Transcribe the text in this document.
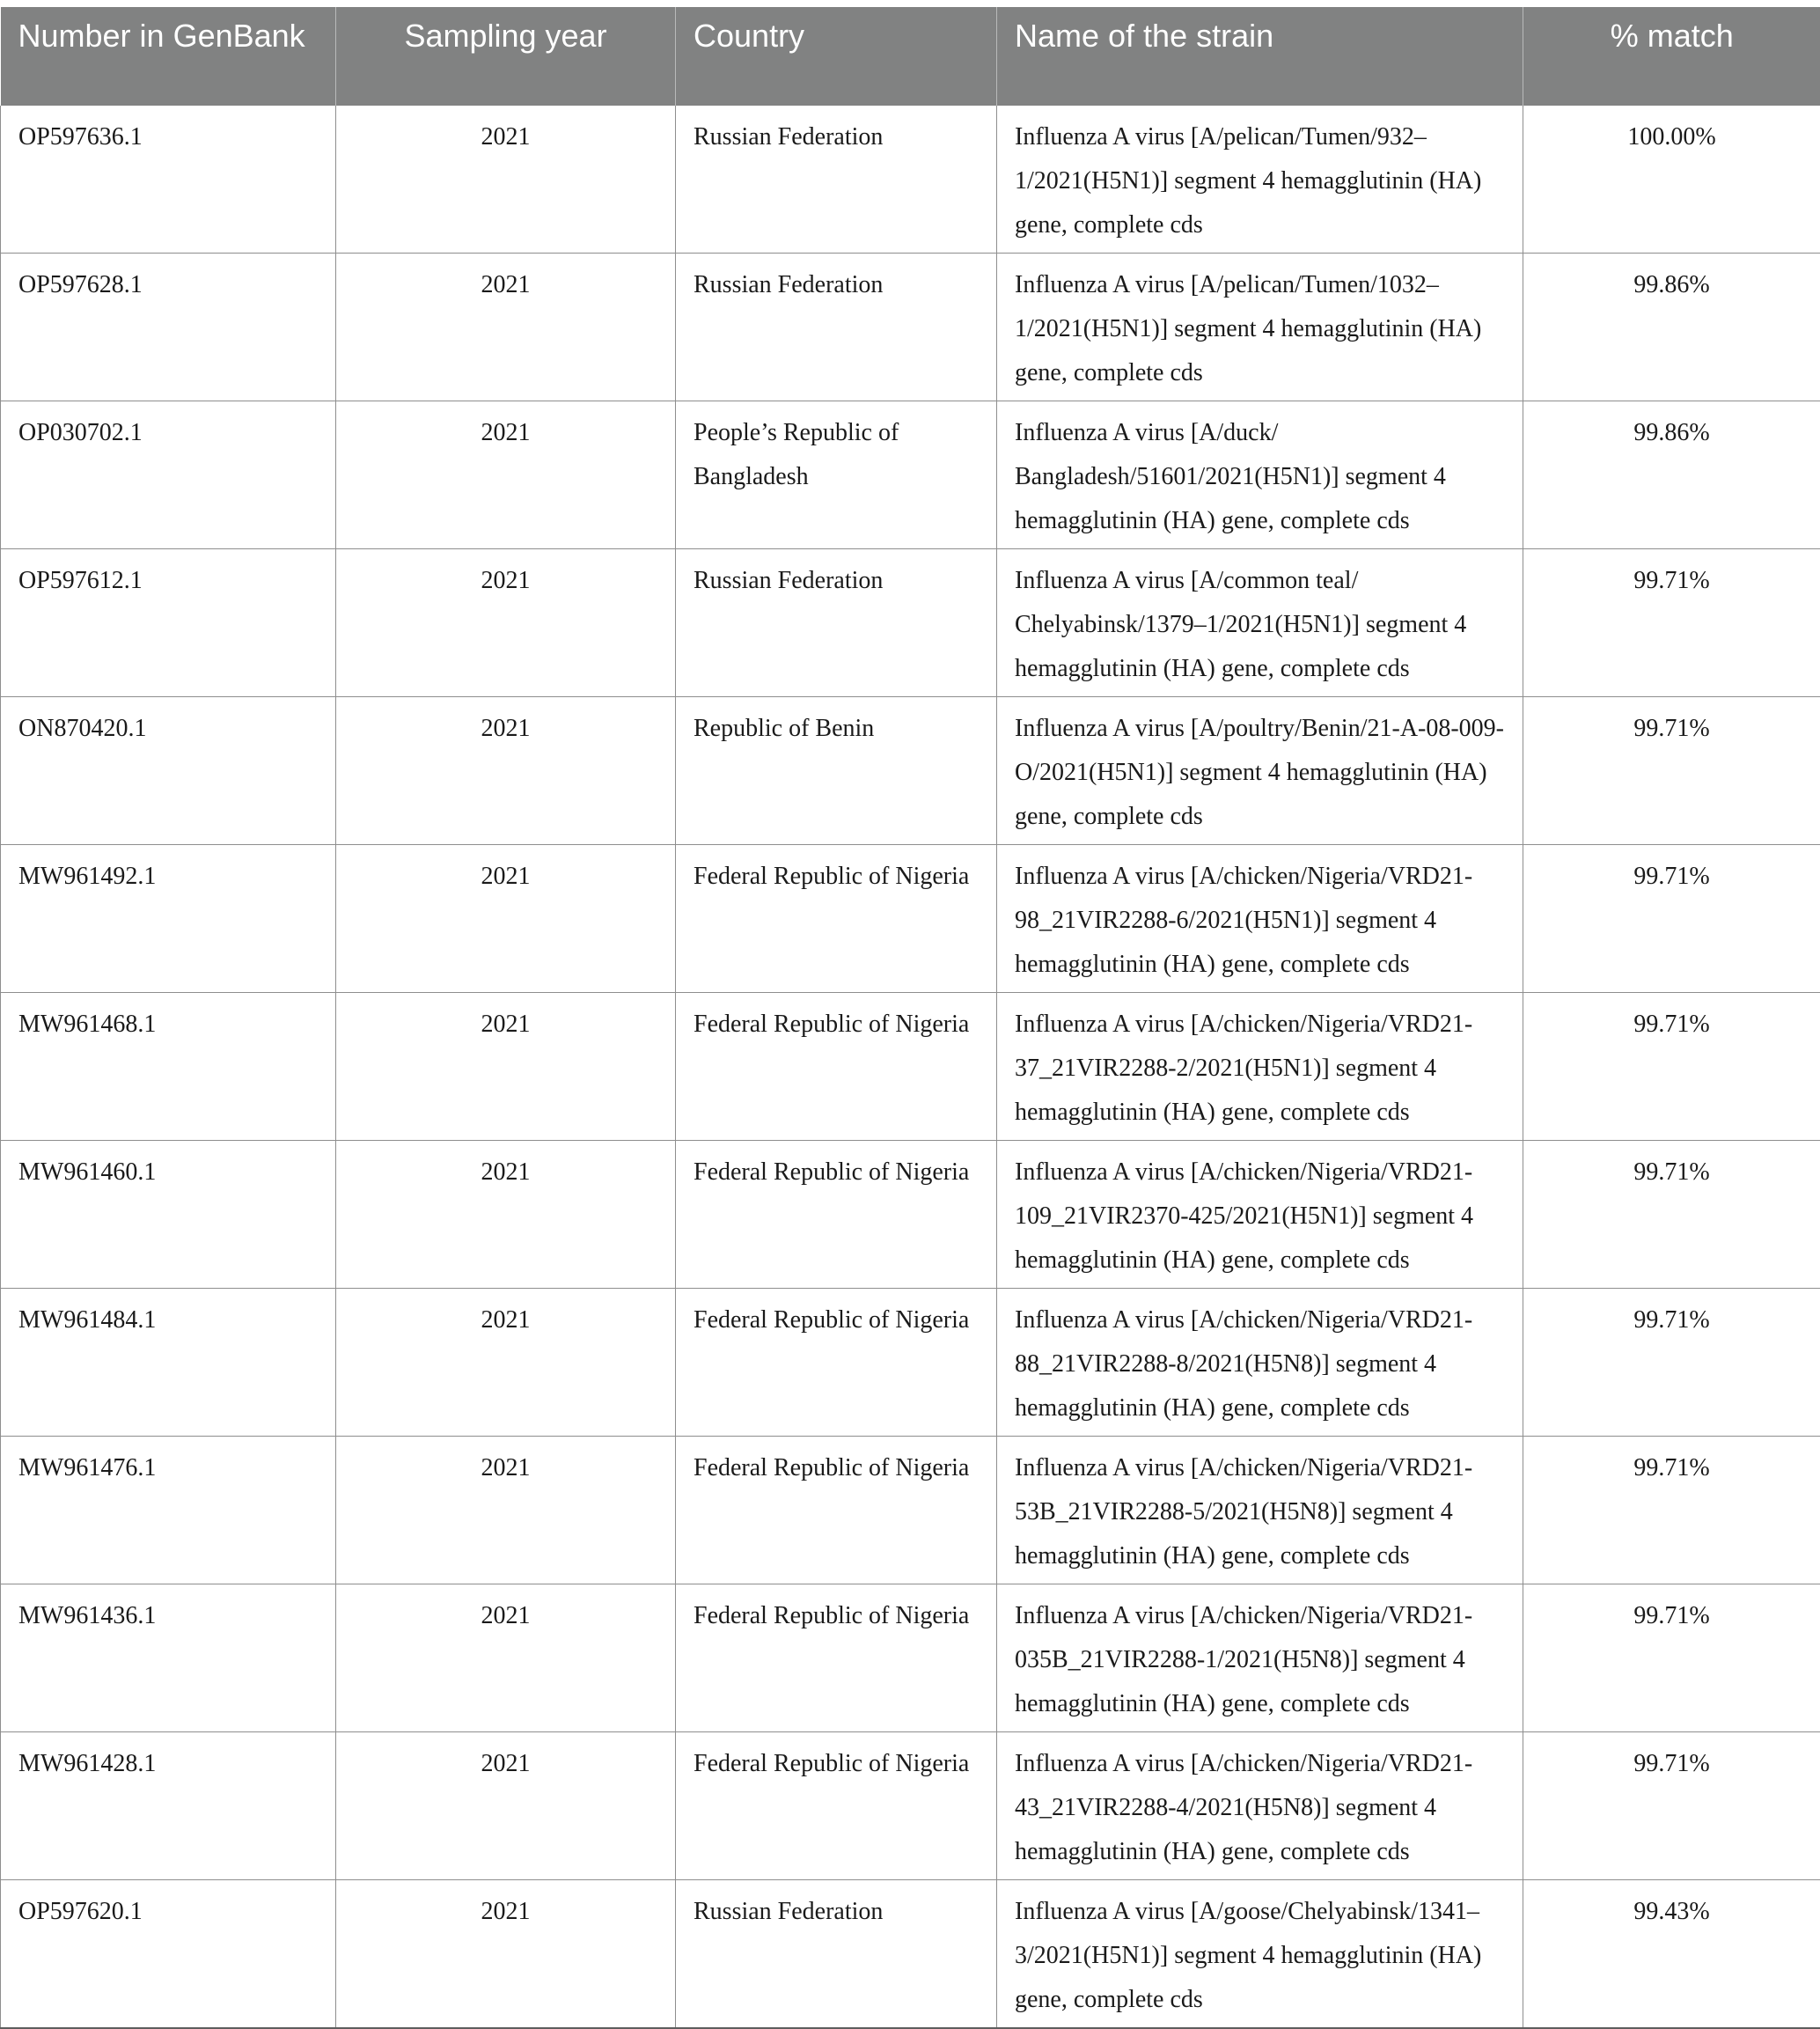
Number in GenBank	Sampling year	Country	Name of the strain	% match
OP597636.1	2021	Russian Federation	Influenza A virus [A/pelican/Tumen/932–1/2021(H5N1)] segment 4 hemagglutinin (HA) gene, complete cds	100.00%
OP597628.1	2021	Russian Federation	Influenza A virus [A/pelican/Tumen/1032–1/2021(H5N1)] segment 4 hemagglutinin (HA) gene, complete cds	99.86%
OP030702.1	2021	People’s Republic of Bangladesh	Influenza A virus [A/duck/ Bangladesh/51601/2021(H5N1)] segment 4 hemagglutinin (HA) gene, complete cds	99.86%
OP597612.1	2021	Russian Federation	Influenza A virus [A/common teal/ Chelyabinsk/1379–1/2021(H5N1)] segment 4 hemagglutinin (HA) gene, complete cds	99.71%
ON870420.1	2021	Republic of Benin	Influenza A virus [A/poultry/Benin/21-A-08-009-O/2021(H5N1)] segment 4 hemagglutinin (HA) gene, complete cds	99.71%
MW961492.1	2021	Federal Republic of Nigeria	Influenza A virus [A/chicken/Nigeria/VRD21-98_21VIR2288-6/2021(H5N1)] segment 4 hemagglutinin (HA) gene, complete cds	99.71%
MW961468.1	2021	Federal Republic of Nigeria	Influenza A virus [A/chicken/Nigeria/VRD21-37_21VIR2288-2/2021(H5N1)] segment 4 hemagglutinin (HA) gene, complete cds	99.71%
MW961460.1	2021	Federal Republic of Nigeria	Influenza A virus [A/chicken/Nigeria/VRD21-109_21VIR2370-425/2021(H5N1)] segment 4 hemagglutinin (HA) gene, complete cds	99.71%
MW961484.1	2021	Federal Republic of Nigeria	Influenza A virus [A/chicken/Nigeria/VRD21-88_21VIR2288-8/2021(H5N8)] segment 4 hemagglutinin (HA) gene, complete cds	99.71%
MW961476.1	2021	Federal Republic of Nigeria	Influenza A virus [A/chicken/Nigeria/VRD21-53B_21VIR2288-5/2021(H5N8)] segment 4 hemagglutinin (HA) gene, complete cds	99.71%
MW961436.1	2021	Federal Republic of Nigeria	Influenza A virus [A/chicken/Nigeria/VRD21-035B_21VIR2288-1/2021(H5N8)] segment 4 hemagglutinin (HA) gene, complete cds	99.71%
MW961428.1	2021	Federal Republic of Nigeria	Influenza A virus [A/chicken/Nigeria/VRD21-43_21VIR2288-4/2021(H5N8)] segment 4 hemagglutinin (HA) gene, complete cds	99.71%
OP597620.1	2021	Russian Federation	Influenza A virus [A/goose/Chelyabinsk/1341–3/2021(H5N1)] segment 4 hemagglutinin (HA) gene, complete cds	99.43%
